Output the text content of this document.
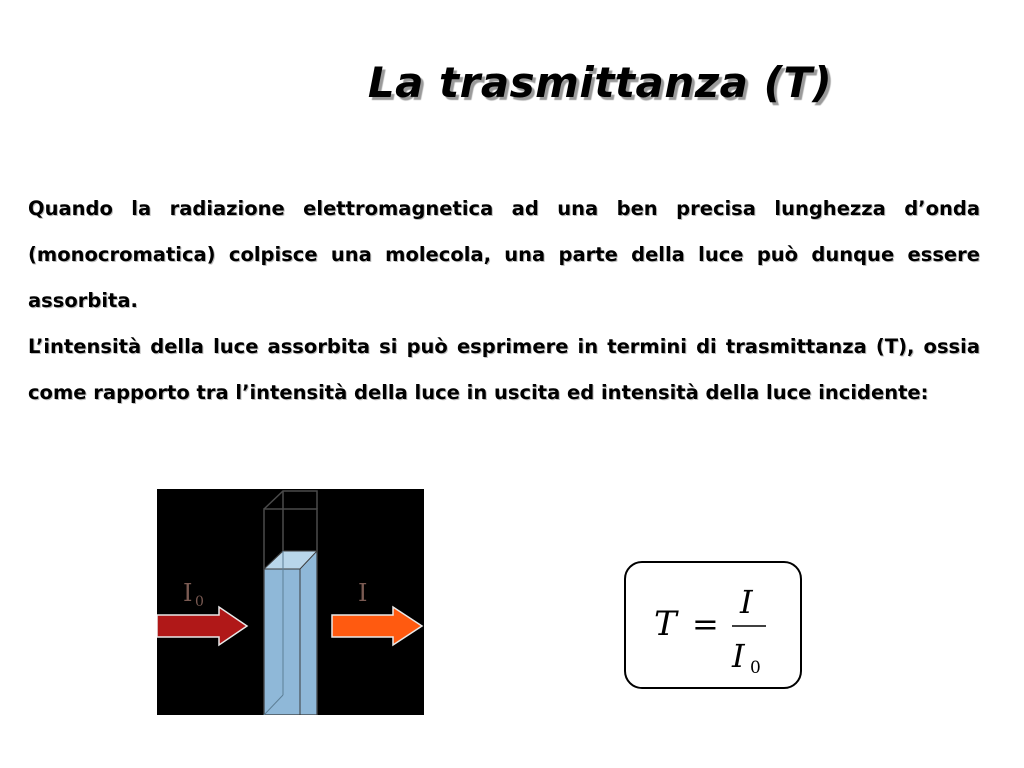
La trasmittanza (T)

Quando la radiazione elettromagnetica ad una ben precisa lunghezza d’onda (monocromatica) colpisce una molecola, una parte della luce può dunque essere assorbita.

L’intensità della luce assorbita si può esprimere in termini di trasmittanza (T), ossia come rapporto tra l’intensità della luce in uscita ed intensità della luce incidente:

I 0	I
T =
I
I 0
